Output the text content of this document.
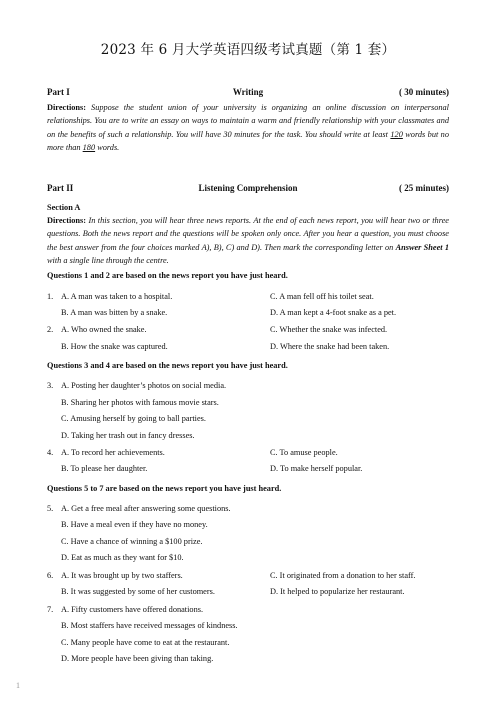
2023 年 6 月大学英语四级考试真题（第 1 套）
Part I	Writing	( 30 minutes)
Directions: Suppose the student union of your university is organizing an online discussion on interpersonal relationships. You are to write an essay on ways to maintain a warm and friendly relationship with your classmates and on the benefits of such a relationship. You will have 30 minutes for the task. You should write at least 120 words but no more than 180 words.
Part II	Listening Comprehension	( 25 minutes)
Section A
Directions: In this section, you will hear three news reports. At the end of each news report, you will hear two or three questions. Both the news report and the questions will be spoken only once. After you hear a question, you must choose the best answer from the four choices marked A), B), C) and D). Then mark the corresponding letter on Answer Sheet 1 with a single line through the centre.
Questions 1 and 2 are based on the news report you have just heard.
1. A. A man was taken to a hospital.	C. A man fell off his toilet seat.
B. A man was bitten by a snake.	D. A man kept a 4-foot snake as a pet.
2. A. Who owned the snake.	C. Whether the snake was infected.
B. How the snake was captured.	D. Where the snake had been taken.
Questions 3 and 4 are based on the news report you have just heard.
3. A. Posting her daughter’s photos on social media.
B. Sharing her photos with famous movie stars.
C. Amusing herself by going to ball parties.
D. Taking her trash out in fancy dresses.
4. A. To record her achievements.	C. To amuse people.
B. To please her daughter.	D. To make herself popular.
Questions 5 to 7 are based on the news report you have just heard.
5. A. Get a free meal after answering some questions.
B. Have a meal even if they have no money.
C. Have a chance of winning a $100 prize.
D. Eat as much as they want for $10.
6. A. It was brought up by two staffers.	C. It originated from a donation to her staff.
B. It was suggested by some of her customers.	D. It helped to popularize her restaurant.
7. A. Fifty customers have offered donations.
B. Most staffers have received messages of kindness.
C. Many people have come to eat at the restaurant.
D. More people have been giving than taking.
1
